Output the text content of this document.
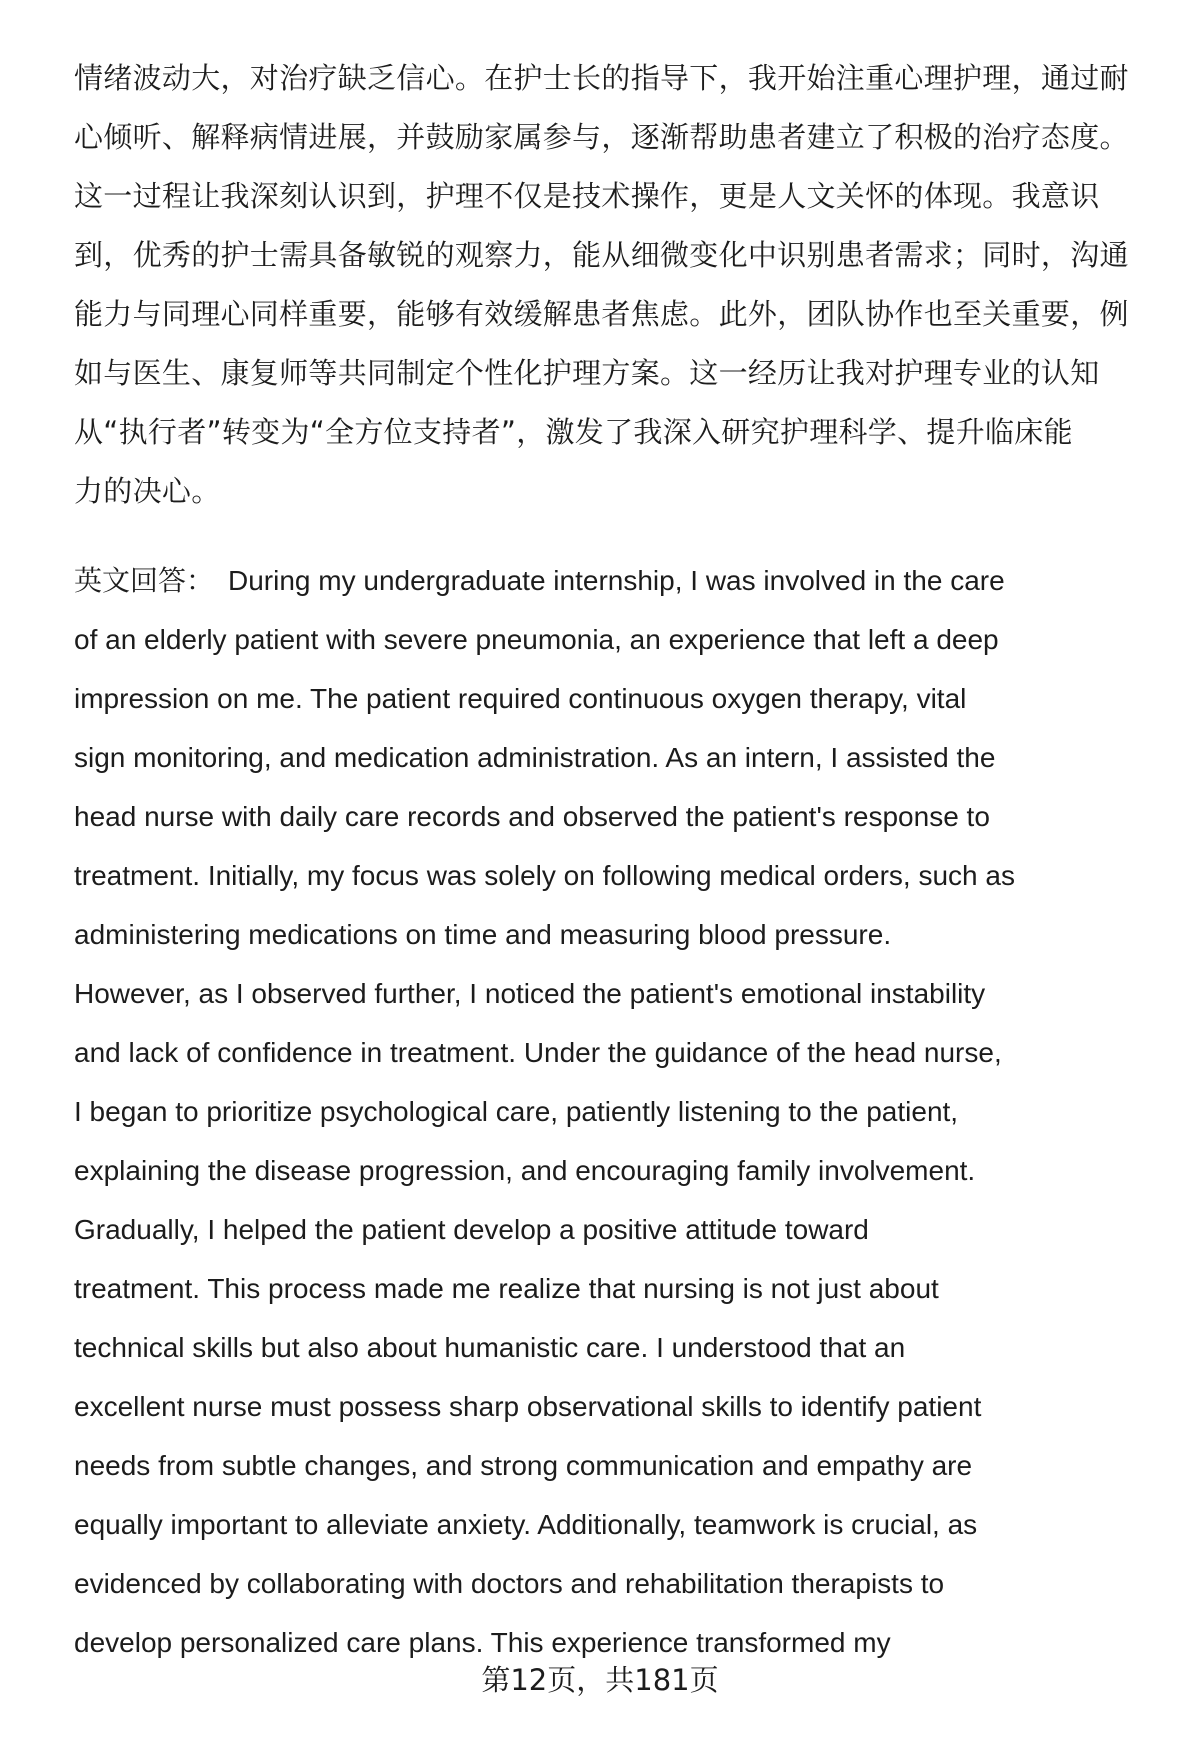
情绪波动大，对治疗缺乏信心。在护士长的指导下，我开始注重心理护理，通过耐
心倾听、解释病情进展，并鼓励家属参与，逐渐帮助患者建立了积极的治疗态度。
这一过程让我深刻认识到，护理不仅是技术操作，更是人文关怀的体现。我意识
到，优秀的护士需具备敏锐的观察力，能从细微变化中识别患者需求；同时，沟通
能力与同理心同样重要，能够有效缓解患者焦虑。此外，团队协作也至关重要，例
如与医生、康复师等共同制定个性化护理方案。这一经历让我对护理专业的认知
从“执行者”转变为“全方位支持者”，激发了我深入研究护理科学、提升临床能
力的决心。
英文回答： During my undergraduate internship, I was involved in the care
of an elderly patient with severe pneumonia, an experience that left a deep
impression on me. The patient required continuous oxygen therapy, vital
sign monitoring, and medication administration. As an intern, I assisted the
head nurse with daily care records and observed the patient's response to
treatment. Initially, my focus was solely on following medical orders, such as
administering medications on time and measuring blood pressure.
However, as I observed further, I noticed the patient's emotional instability
and lack of confidence in treatment. Under the guidance of the head nurse,
I began to prioritize psychological care, patiently listening to the patient,
explaining the disease progression, and encouraging family involvement.
Gradually, I helped the patient develop a positive attitude toward
treatment. This process made me realize that nursing is not just about
technical skills but also about humanistic care. I understood that an
excellent nurse must possess sharp observational skills to identify patient
needs from subtle changes, and strong communication and empathy are
equally important to alleviate anxiety. Additionally, teamwork is crucial, as
evidenced by collaborating with doctors and rehabilitation therapists to
develop personalized care plans. This experience transformed my
第12页，共181页
